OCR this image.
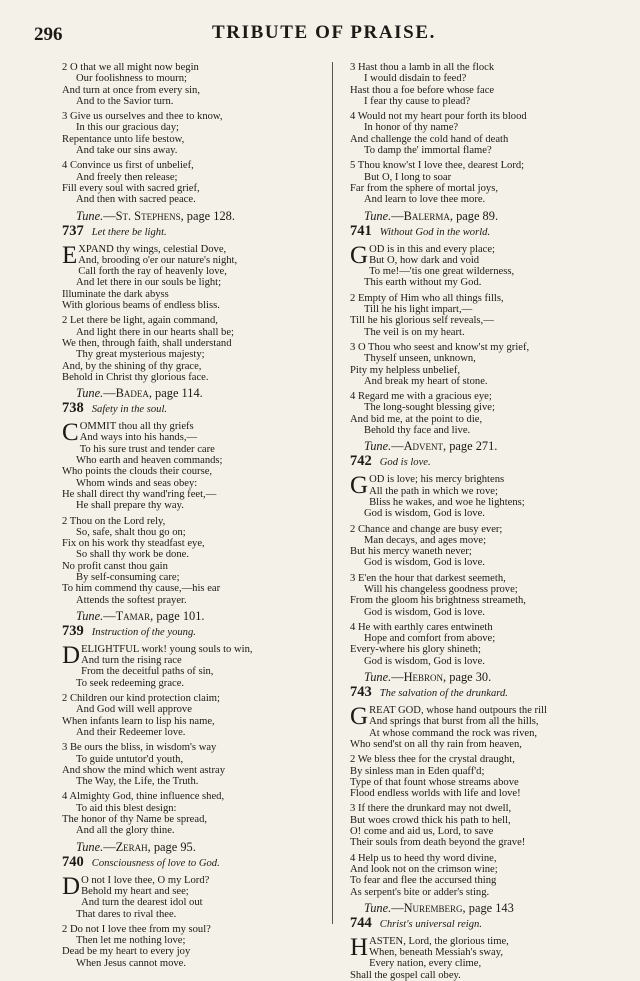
296	TRIBUTE OF PRAISE.
2 O that we all might now begin
Our foolishness to mourn;
And turn at once from every sin,
And to the Savior turn.
3 Give us ourselves and thee to know,
In this our gracious day;
Repentance unto life bestow,
And take our sins away.
4 Convince us first of unbelief,
And freely then release;
Fill every soul with sacred grief,
And then with sacred peace.
Tune.—St. Stephens, page 128.
737 Let there be light.
E XPAND thy wings, celestial Dove,
And, brooding o'er our nature's night,
Call forth the ray of heavenly love,
And let there in our souls be light;
Illuminate the dark abyss
With glorious beams of endless bliss.
2 Let there be light, again command,
And light there in our hearts shall be;
We then, through faith, shall understand
Thy great mysterious majesty;
And, by the shining of thy grace,
Behold in Christ thy glorious face.
Tune.—Badea, page 114.
738 Safety in the soul.
C OMMIT thou all thy griefs
And ways into his hands,—
To his sure trust and tender care
Who earth and heaven commands;
Who points the clouds their course,
Whom winds and seas obey:
He shall direct thy wand'ring feet,—
He shall prepare thy way.
2 Thou on the Lord rely,
So, safe, shalt thou go on;
Fix on his work thy steadfast eye,
So shall thy work be done.
No profit canst thou gain
By self-consuming care;
To him commend thy cause,—his ear
Attends the softest prayer.
Tune.—Tamar, page 101.
739 Instruction of the young.
D ELIGHTFUL work! young souls to win,
And turn the rising race
From the deceitful paths of sin,
To seek redeeming grace.
2 Children our kind protection claim;
And God will well approve
When infants learn to lisp his name,
And their Redeemer love.
3 Be ours the bliss, in wisdom's way
To guide untutor'd youth,
And show the mind which went astray
The Way, the Life, the Truth.
4 Almighty God, thine influence shed,
To aid this blest design:
The honor of thy Name be spread,
And all the glory thine.
Tune.—Zerah, page 95.
740 Consciousness of love to God.
D O not I love thee, O my Lord?
Behold my heart and see;
And turn the dearest idol out
That dares to rival thee.
2 Do not I love thee from my soul?
Then let me nothing love;
Dead be my heart to every joy
When Jesus cannot move.
3 Hast thou a lamb in all the flock
I would disdain to feed?
Hast thou a foe before whose face
I fear thy cause to plead?
4 Would not my heart pour forth its blood
In honor of thy name?
And challenge the cold hand of death
To damp the' immortal flame?
5 Thou know'st I love thee, dearest Lord;
But O, I long to soar
Far from the sphere of mortal joys,
And learn to love thee more.
Tune.—Balerma, page 89.
741 Without God in the world.
G OD is in this and every place;
But O, how dark and void
To me!—'tis one great wilderness,
This earth without my God.
2 Empty of Him who all things fills,
Till he his light impart,—
Till he his glorious self reveals,—
The veil is on my heart.
3 O Thou who seest and know'st my grief,
Thyself unseen, unknown,
Pity my helpless unbelief,
And break my heart of stone.
4 Regard me with a gracious eye;
The long-sought blessing give;
And bid me, at the point to die,
Behold thy face and live.
Tune.—Advent, page 271.
742 God is love.
G OD is love; his mercy brightens
All the path in which we rove;
Bliss he wakes, and woe he lightens;
God is wisdom, God is love.
2 Chance and change are busy ever;
Man decays, and ages move;
But his mercy waneth never;
God is wisdom, God is love.
3 E'en the hour that darkest seemeth,
Will his changeless goodness prove;
From the gloom his brightness streameth,
God is wisdom, God is love.
4 He with earthly cares entwineth
Hope and comfort from above;
Every-where his glory shineth;
God is wisdom, God is love.
Tune.—Hebron, page 30.
743 The salvation of the drunkard.
G REAT GOD, whose hand outpours the rill
And springs that burst from all the hills,
At whose command the rock was riven,
Who send'st on all thy rain from heaven,
2 We bless thee for the crystal draught,
By sinless man in Eden quaff'd;
Type of that fount whose streams above
Flood endless worlds with life and love!
3 If there the drunkard may not dwell,
But woes crowd thick his path to hell,
O! come and aid us, Lord, to save
Their souls from death beyond the grave!
4 Help us to heed thy word divine,
And look not on the crimson wine;
To fear and flee the accursed thing
As serpent's bite or adder's sting.
Tune.—Nuremberg, page 143
744 Christ's universal reign.
H ASTEN, Lord, the glorious time,
When, beneath Messiah's sway,
Every nation, every clime,
Shall the gospel call obey.
